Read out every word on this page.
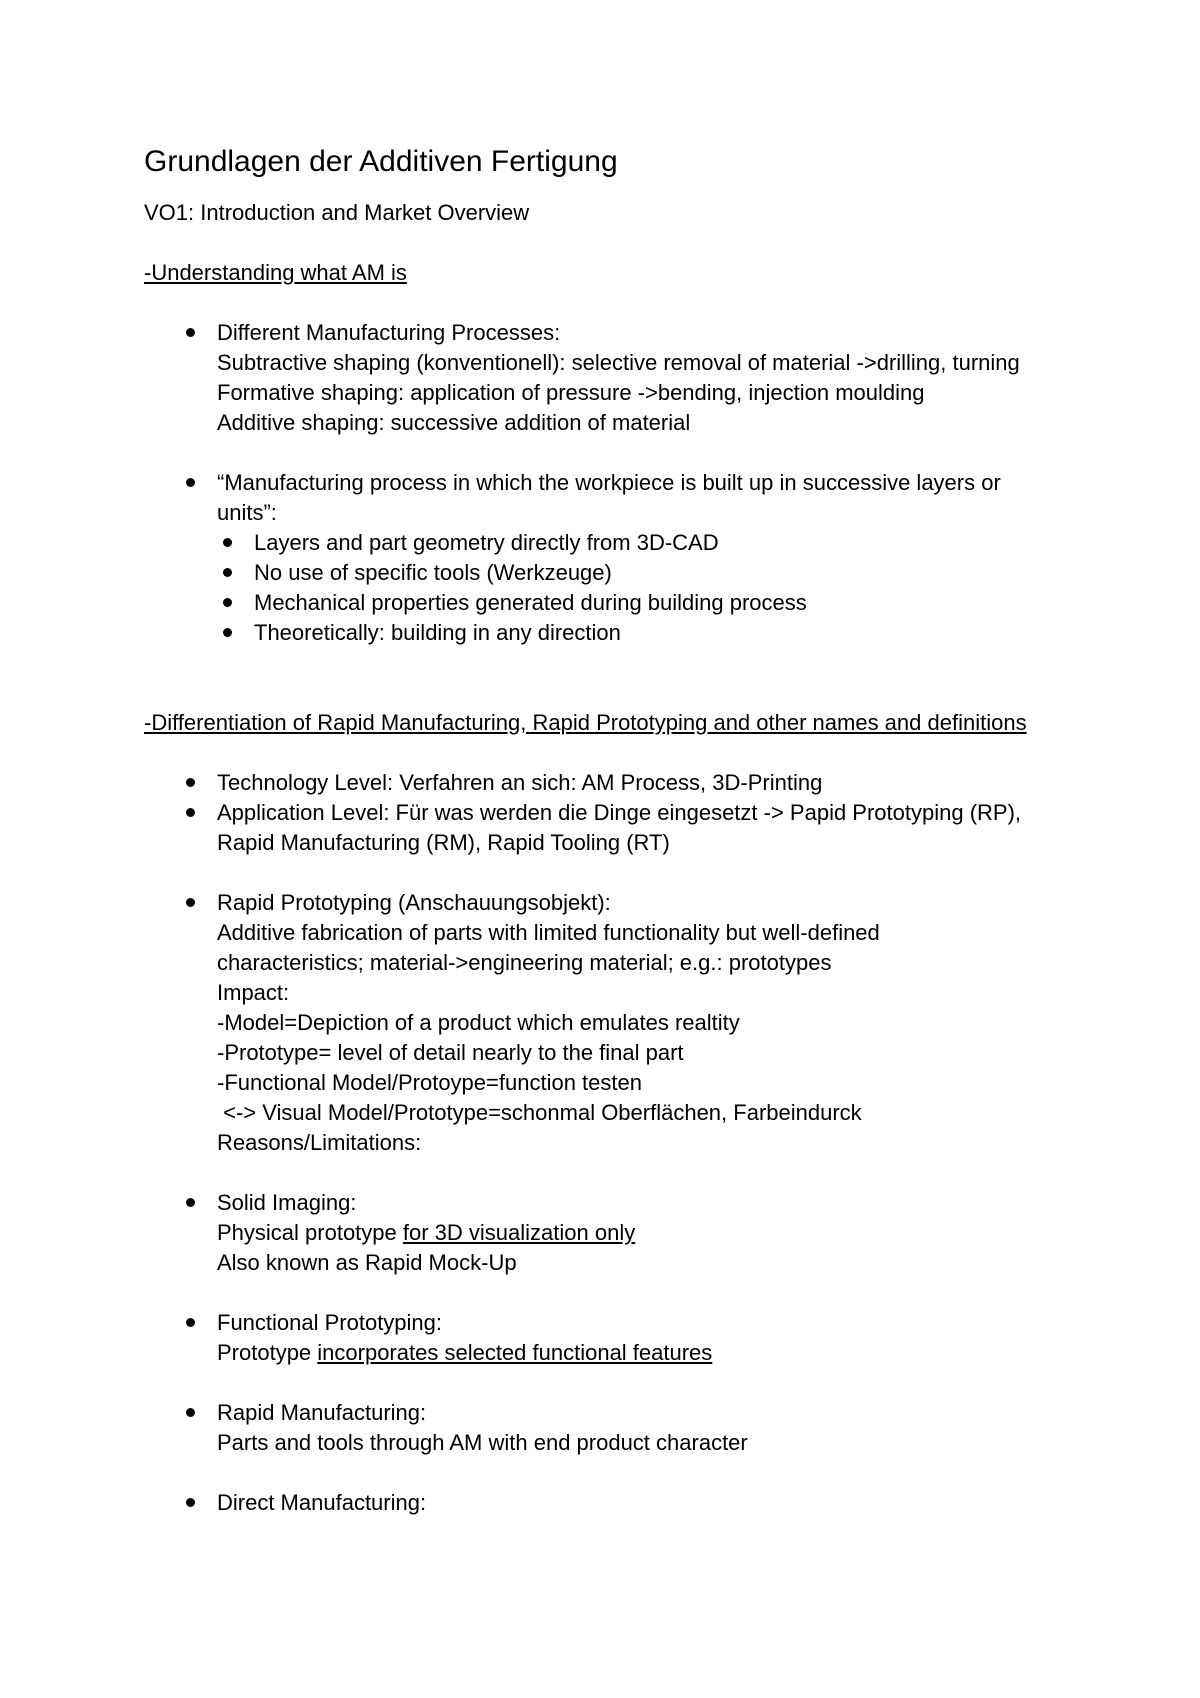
Grundlagen der Additiven Fertigung
VO1: Introduction and Market Overview
-Understanding what AM is
Different Manufacturing Processes:
Subtractive shaping (konventionell): selective removal of material ->drilling, turning
Formative shaping: application of pressure ->bending, injection moulding
Additive shaping: successive addition of material
“Manufacturing process in which the workpiece is built up in successive layers or
units”:
Layers and part geometry directly from 3D-CAD
No use of specific tools (Werkzeuge)
Mechanical properties generated during building process
Theoretically: building in any direction
-Differentiation of Rapid Manufacturing, Rapid Prototyping and other names and definitions
Technology Level: Verfahren an sich: AM Process, 3D-Printing
Application Level: Für was werden die Dinge eingesetzt -> Papid Prototyping (RP),
Rapid Manufacturing (RM), Rapid Tooling (RT)
Rapid Prototyping (Anschauungsobjekt):
Additive fabrication of parts with limited functionality but well-defined
characteristics; material->engineering material; e.g.: prototypes
Impact:
-Model=Depiction of a product which emulates realtity
-Prototype= level of detail nearly to the final part
-Functional Model/Protoype=function testen
<-> Visual Model/Prototype=schonmal Oberflächen, Farbeindurck
Reasons/Limitations:
Solid Imaging:
Physical prototype for 3D visualization only
Also known as Rapid Mock-Up
Functional Prototyping:
Prototype incorporates selected functional features
Rapid Manufacturing:
Parts and tools through AM with end product character
Direct Manufacturing:
